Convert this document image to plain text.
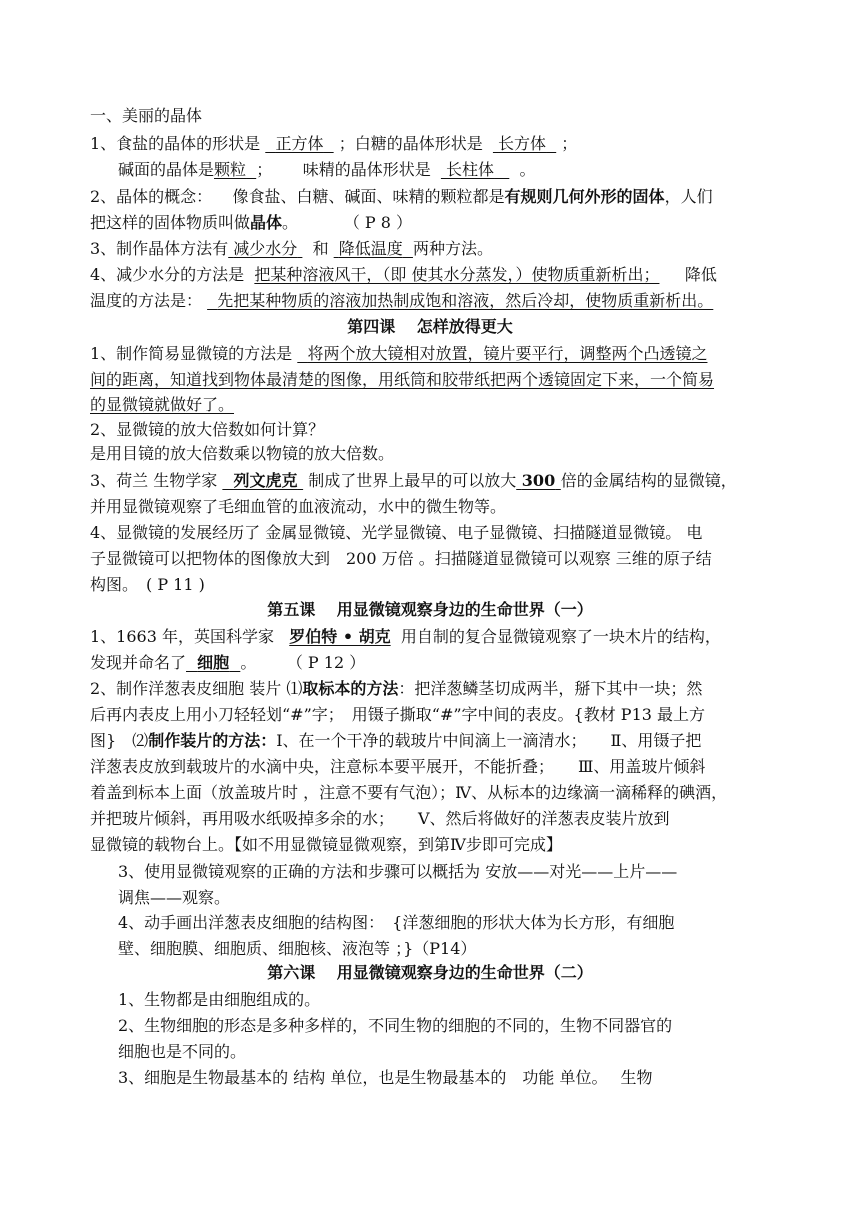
一、美丽的晶体
1、食盐的晶体的形状是 正方体 ；白糖的晶体形状是 长方体 ；
碱面的晶体是颗粒 ； 味精的晶体形状是 长柱体 。
2、晶体的概念： 像食盐、白糖、碱面、味精的颗粒都是有规则几何外形的固体，人们
把这样的固体物质叫做晶体。	（ P 8 ）
3、制作晶体方法有 减少水分 和 降低温度 两种方法。
4、减少水分的方法是 把某种溶液风干，（即 使其水分蒸发，）使物质重新析出； 降低
温度的方法是： 先把某种物质的溶液加热制成饱和溶液，然后冷却，使物质重新析出。
第四课　 怎样放得更大
1、制作简易显微镜的方法是 将两个放大镜相对放置，镜片要平行，调整两个凸透镜之
间的距离，知道找到物体最清楚的图像，用纸筒和胶带纸把两个透镜固定下来，一个简易
的显微镜就做好了。
2、显微镜的放大倍数如何计算？
是用目镜的放大倍数乘以物镜的放大倍数。
3、荷兰 生物学家 列文虎克 制成了世界上最早的可以放大 300 倍的金属结构的显微镜，
并用显微镜观察了毛细血管的血液流动，水中的微生物等。
4、显微镜的发展经历了 金属显微镜、光学显微镜、电子显微镜、扫描隧道显微镜。 电
子显微镜可以把物体的图像放大到　200 万倍 。扫描隧道显微镜可以观察 三维的原子结
构图。　( P 11 )
第五课　 用显微镜观察身边的生命世界（一）
1、1663 年，英国科学家 罗伯特 • 胡克 用自制的复合显微镜观察了一块木片的结构，
发现并命名了 细胞 。 （ P 12 ）
2、制作洋葱表皮细胞 装片 ⑴取标本的方法：把洋葱鳞茎切成两半，掰下其中一块；然
后再内表皮上用小刀轻轻划“#”字；　用镊子撕取“#”字中间的表皮。{教材 P13 最上方
图}　⑵制作装片的方法：Ⅰ、在一个干净的载玻片中间滴上一滴清水；　　Ⅱ、用镊子把
洋葱表皮放到载玻片的水滴中央，注意标本要平展开，不能折叠；　　Ⅲ、用盖玻片倾斜
着盖到标本上面（放盖玻片时 ，注意不要有气泡）；Ⅳ、从标本的边缘滴一滴稀释的碘酒，
并把玻片倾斜，再用吸水纸吸掉多余的水；　　Ⅴ、然后将做好的洋葱表皮装片放到
显微镜的载物台上。【如不用显微镜显微观察，到第Ⅳ步即可完成】
3、使用显微镜观察的正确的方法和步骤可以概括为 安放——对光——上片——
调焦——观察。
4、动手画出洋葱表皮细胞的结构图：　{洋葱细胞的形状大体为长方形，有细胞
壁、细胞膜、细胞质、细胞核、液泡等 ；}（P14）
第六课　 用显微镜观察身边的生命世界（二）
1、生物都是由细胞组成的。
2、生物细胞的形态是多种多样的，不同生物的细胞的不同的，生物不同器官的
细胞也是不同的。
3、细胞是生物最基本的 结构 单位，也是生物最基本的　功能 单位。　 生物
